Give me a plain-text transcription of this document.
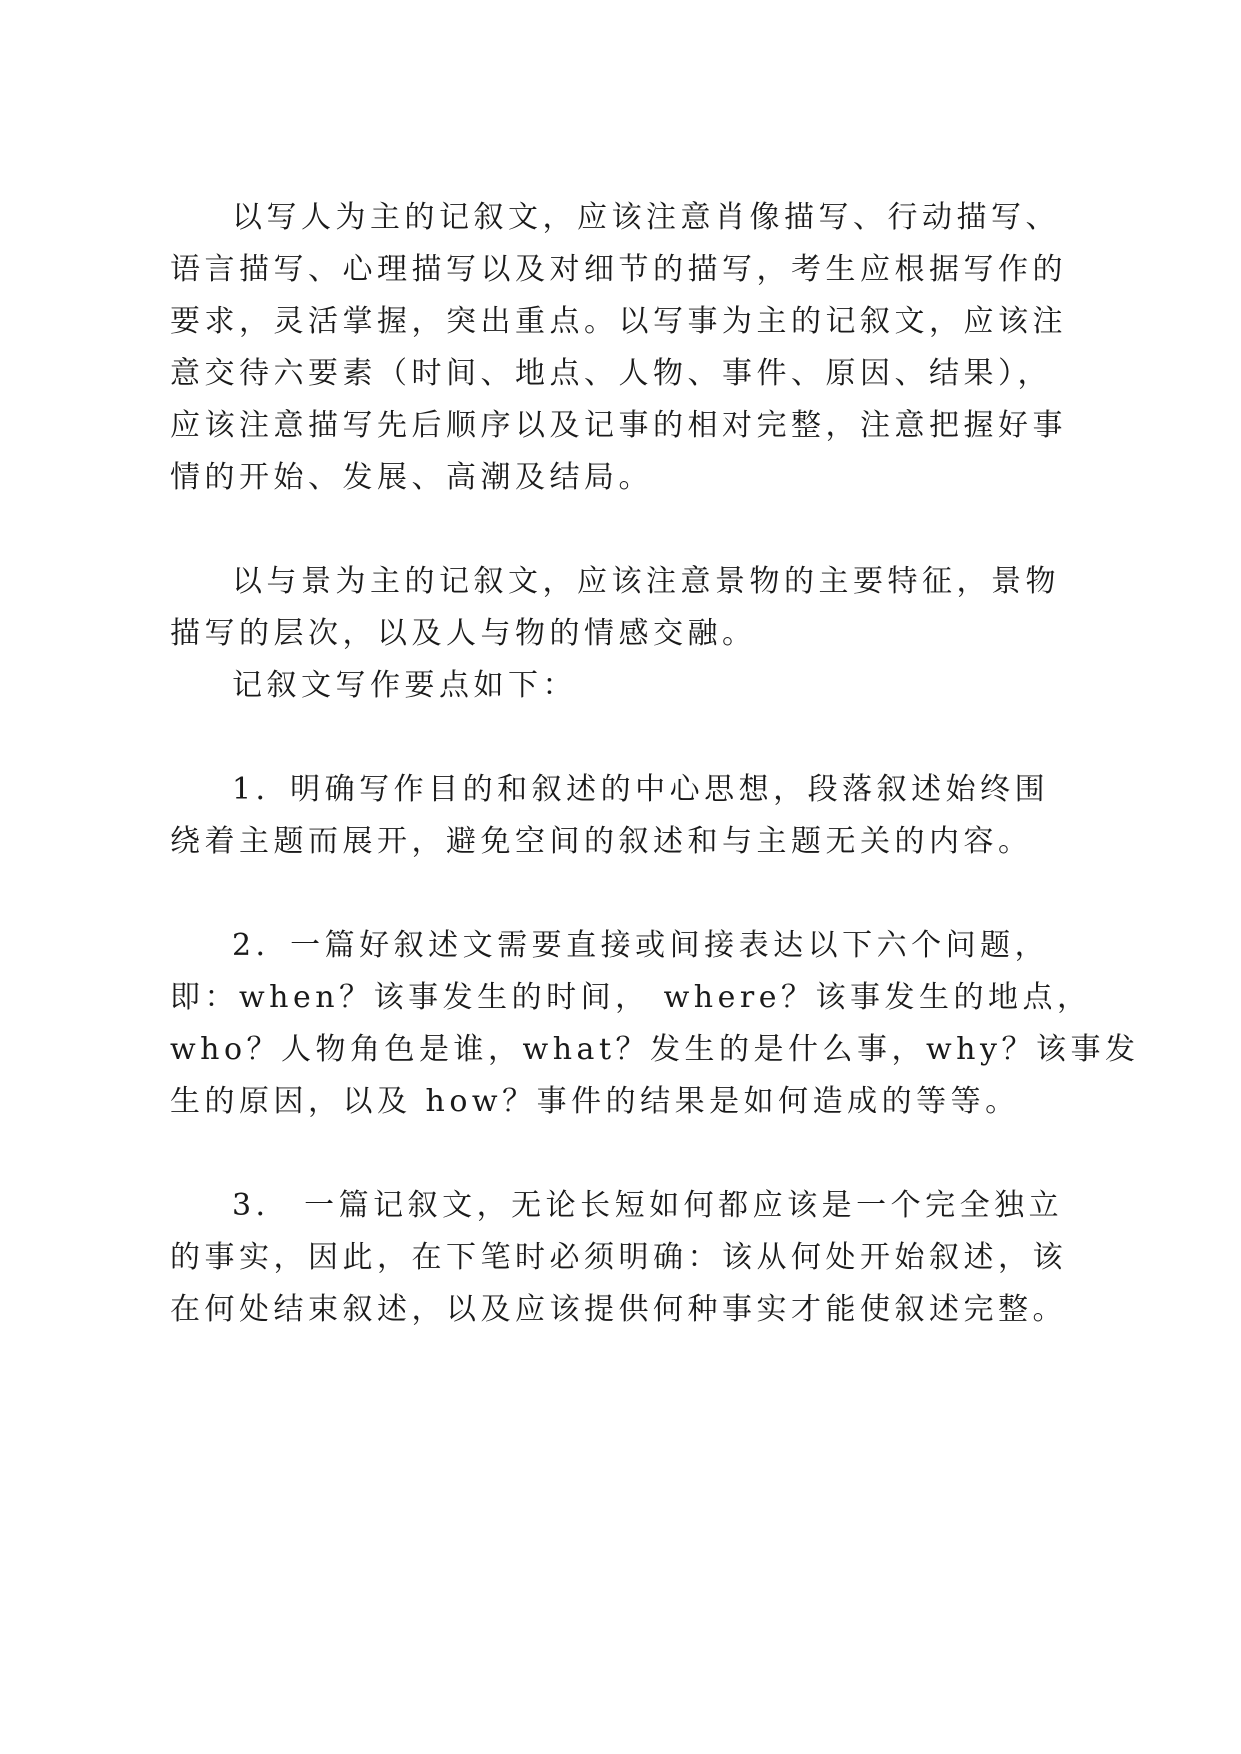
以写人为主的记叙文，应该注意肖像描写、行动描写、
语言描写、心理描写以及对细节的描写，考生应根据写作的
要求，灵活掌握，突出重点。以写事为主的记叙文，应该注
意交待六要素（时间、地点、人物、事件、原因、结果），
应该注意描写先后顺序以及记事的相对完整，注意把握好事
情的开始、发展、高潮及结局。
以与景为主的记叙文，应该注意景物的主要特征，景物
描写的层次，以及人与物的情感交融。
记叙文写作要点如下：
1．明确写作目的和叙述的中心思想，段落叙述始终围
绕着主题而展开，避免空间的叙述和与主题无关的内容。
2．一篇好叙述文需要直接或间接表达以下六个问题，
即：when？该事发生的时间， where？该事发生的地点，
who？人物角色是谁，what？发生的是什么事，why？该事发
生的原因，以及 how？事件的结果是如何造成的等等。
3． 一篇记叙文，无论长短如何都应该是一个完全独立
的事实，因此，在下笔时必须明确：该从何处开始叙述，该
在何处结束叙述，以及应该提供何种事实才能使叙述完整。
